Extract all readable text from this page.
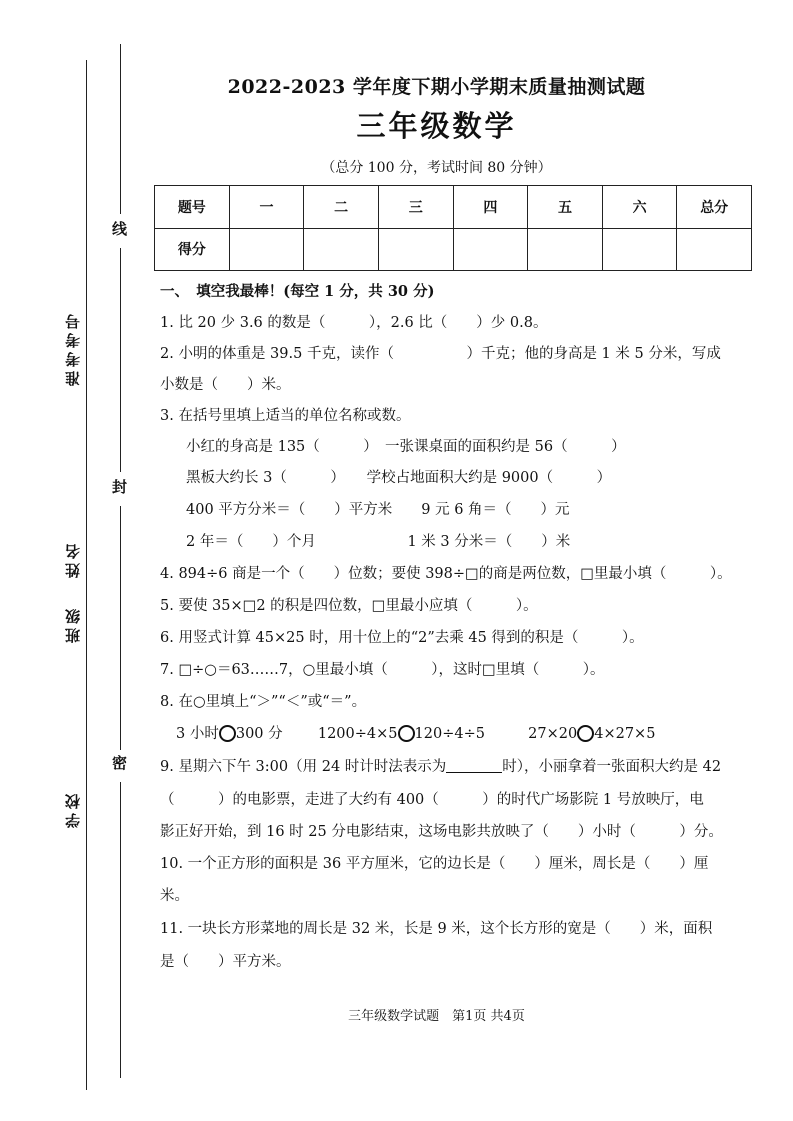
线
封
密
准考考号
姓名
班级
学校
2022-2023 学年度下期小学期末质量抽测试题
三年级数学
（总分 100 分，考试时间 80 分钟）
题号	一	二	三	四	五	六	总分
得分							
一、　填空我最棒！(每空 1 分，共 30 分)
1. 比 20 少 3.6 的数是（　　　），2.6 比（　　）少 0.8。
2. 小明的体重是 39.5 千克，读作（　　　　　）千克；他的身高是 1 米 5 分米，写成
小数是（　　）米。
3. 在括号里填上适当的单位名称或数。
小红的身高是 135（　　　）　一张课桌面的面积约是 56（　　　）
黑板大约长 3（　　　）　　学校占地面积大约是 9000（　　　）
400 平方分米＝（　　）平方米　　9 元 6 角＝（　　）元
2 年＝（　　）个月　　　　　　 1 米 3 分米＝（　　）米
4. 894÷6 商是一个（　　）位数；要使 398÷□的商是两位数，□里最小填（　　　）。
5. 要使 35×□2 的积是四位数，□里最小应填（　　　）。
6. 用竖式计算 45×25 时，用十位上的“2”去乘 45 得到的积是（　　　）。
7. □÷○＝63……7，○里最小填（　　　），这时□里填（　　　）。
8. 在○里填上“＞”“＜”或“＝”。
3 小时 300 分 1200÷4×5 120÷4÷5	27×20 4×27×5
9. 星期六下午 3:00（用 24 时计时法表示为	时），小丽拿着一张面积大约是 42
（　　　）的电影票，走进了大约有 400（　　　）的时代广场影院 1 号放映厅，电
影正好开始，到 16 时 25 分电影结束，这场电影共放映了（　　）小时（　　　）分。
10. 一个正方形的面积是 36 平方厘米，它的边长是（　　）厘米，周长是（　　）厘
米。
11. 一块长方形菜地的周长是 32 米，长是 9 米，这个长方形的宽是（　　）米，面积
是（　　）平方米。
三年级数学试题　第1页 共4页
